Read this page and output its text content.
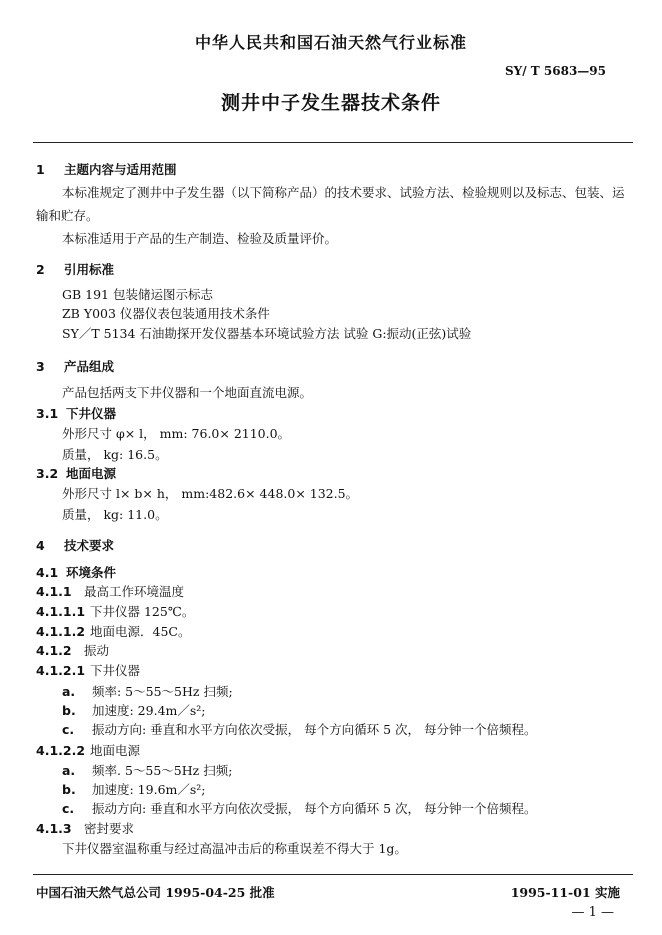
中华人民共和国石油天然气行业标准
SY/ T 5683—95
测井中子发生器技术条件
1 主题内容与适用范围
本标准规定了测井中子发生器（以下简称产品）的技术要求、试验方法、检验规则以及标志、包装、运输和贮存。
本标准适用于产品的生产制造、检验及质量评价。
2 引用标准
GB 191 包装储运图示标志
ZB Y003 仪器仪表包装通用技术条件
SY／T 5134 石油勘探开发仪器基本环境试验方法 试验 G:振动(正弦)试验
3 产品组成
产品包括两支下井仪器和一个地面直流电源。
3.1 下井仪器
外形尺寸 φ× l， mm: 76.0× 2110.0。
质量， kg: 16.5。
3.2 地面电源
外形尺寸 l× b× h， mm:482.6× 448.0× 132.5。
质量， kg: 11.0。
4 技术要求
4.1 环境条件
4.1.1 最高工作环境温度
4.1.1.1 下井仪器 125℃。
4.1.1.2 地面电源．45C。
4.1.2 振动
4.1.2.1 下井仪器
a. 频率: 5～55～5Hz 扫频;
b. 加速度: 29.4m／s²;
c. 振动方向: 垂直和水平方向依次受振， 每个方向循环 5 次， 每分钟一个倍频程。
4.1.2.2 地面电源
a. 频率. 5～55～5Hz 扫频;
b. 加速度: 19.6m／s²;
c. 振动方向: 垂直和水平方向依次受振， 每个方向循环 5 次， 每分钟一个倍频程。
4.1.3 密封要求
下井仪器室温称重与经过高温冲击后的称重误差不得大于 1g。
中国石油天然气总公司 1995-04-25 批准	1995-11-01 实施
— 1 —
